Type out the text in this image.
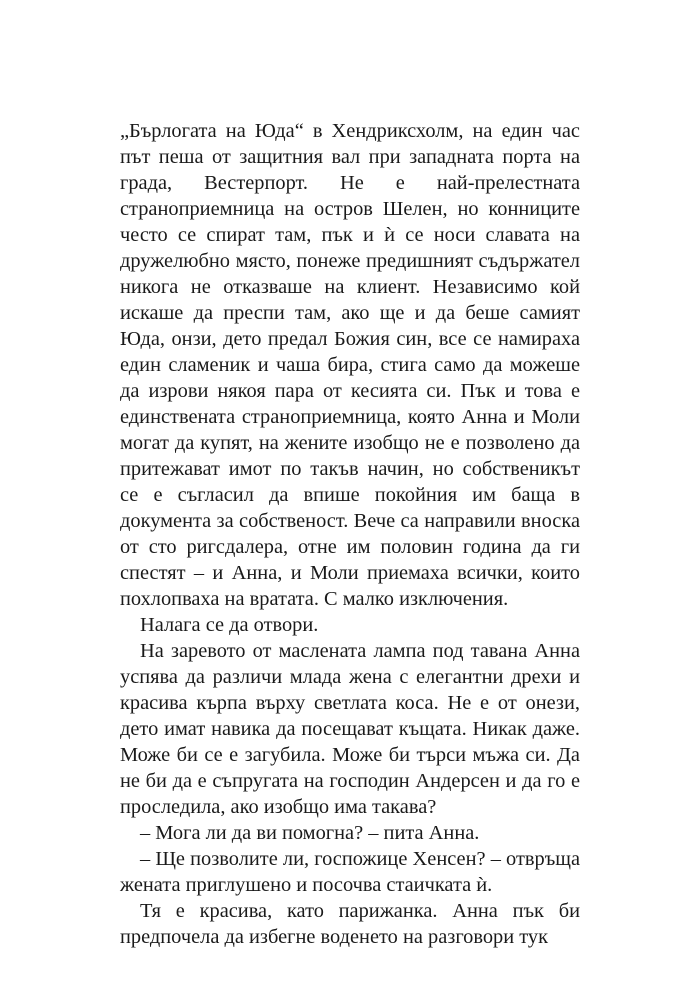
„Бърлогата на Юда“ в Хендриксхолм, на един час път пеша от защитния вал при западната порта на града, Вестерпорт. Не е най-прелестната страноприемница на остров Шелен, но конниците често се спират там, пък и ѝ се носи славата на дружелюбно място, понеже предишният съдържател никога не отказваше на клиент. Независимо кой искаше да преспи там, ако ще и да беше самият Юда, онзи, дето предал Божия син, все се намираха един сламеник и чаша бира, стига само да можеше да изрови някоя пара от кесията си. Пък и това е единствената страноприемница, която Анна и Моли могат да купят, на жените изобщо не е позволено да притежават имот по такъв начин, но собственикът се е съгласил да впише покойния им баща в документа за собственост. Вече са направили вноска от сто ригсдалера, отне им половин година да ги спестят – и Анна, и Моли приемаха всички, които похлопваха на вратата. С малко изключения.

Налага се да отвори.

На заревото от маслената лампа под тавана Анна успява да различи млада жена с елегантни дрехи и красива кърпа върху светлата коса. Не е от онези, дето имат навика да посещават къщата. Никак даже. Може би се е загубила. Може би търси мъжа си. Да не би да е съпругата на господин Андерсен и да го е проследила, ако изобщо има такава?

– Мога ли да ви помогна? – пита Анна.

– Ще позволите ли, госпожице Хенсен? – отвръща жената приглушено и посочва стаичката ѝ.

Тя е красива, като парижанка. Анна пък би предпочела да избегне воденето на разговори тук
